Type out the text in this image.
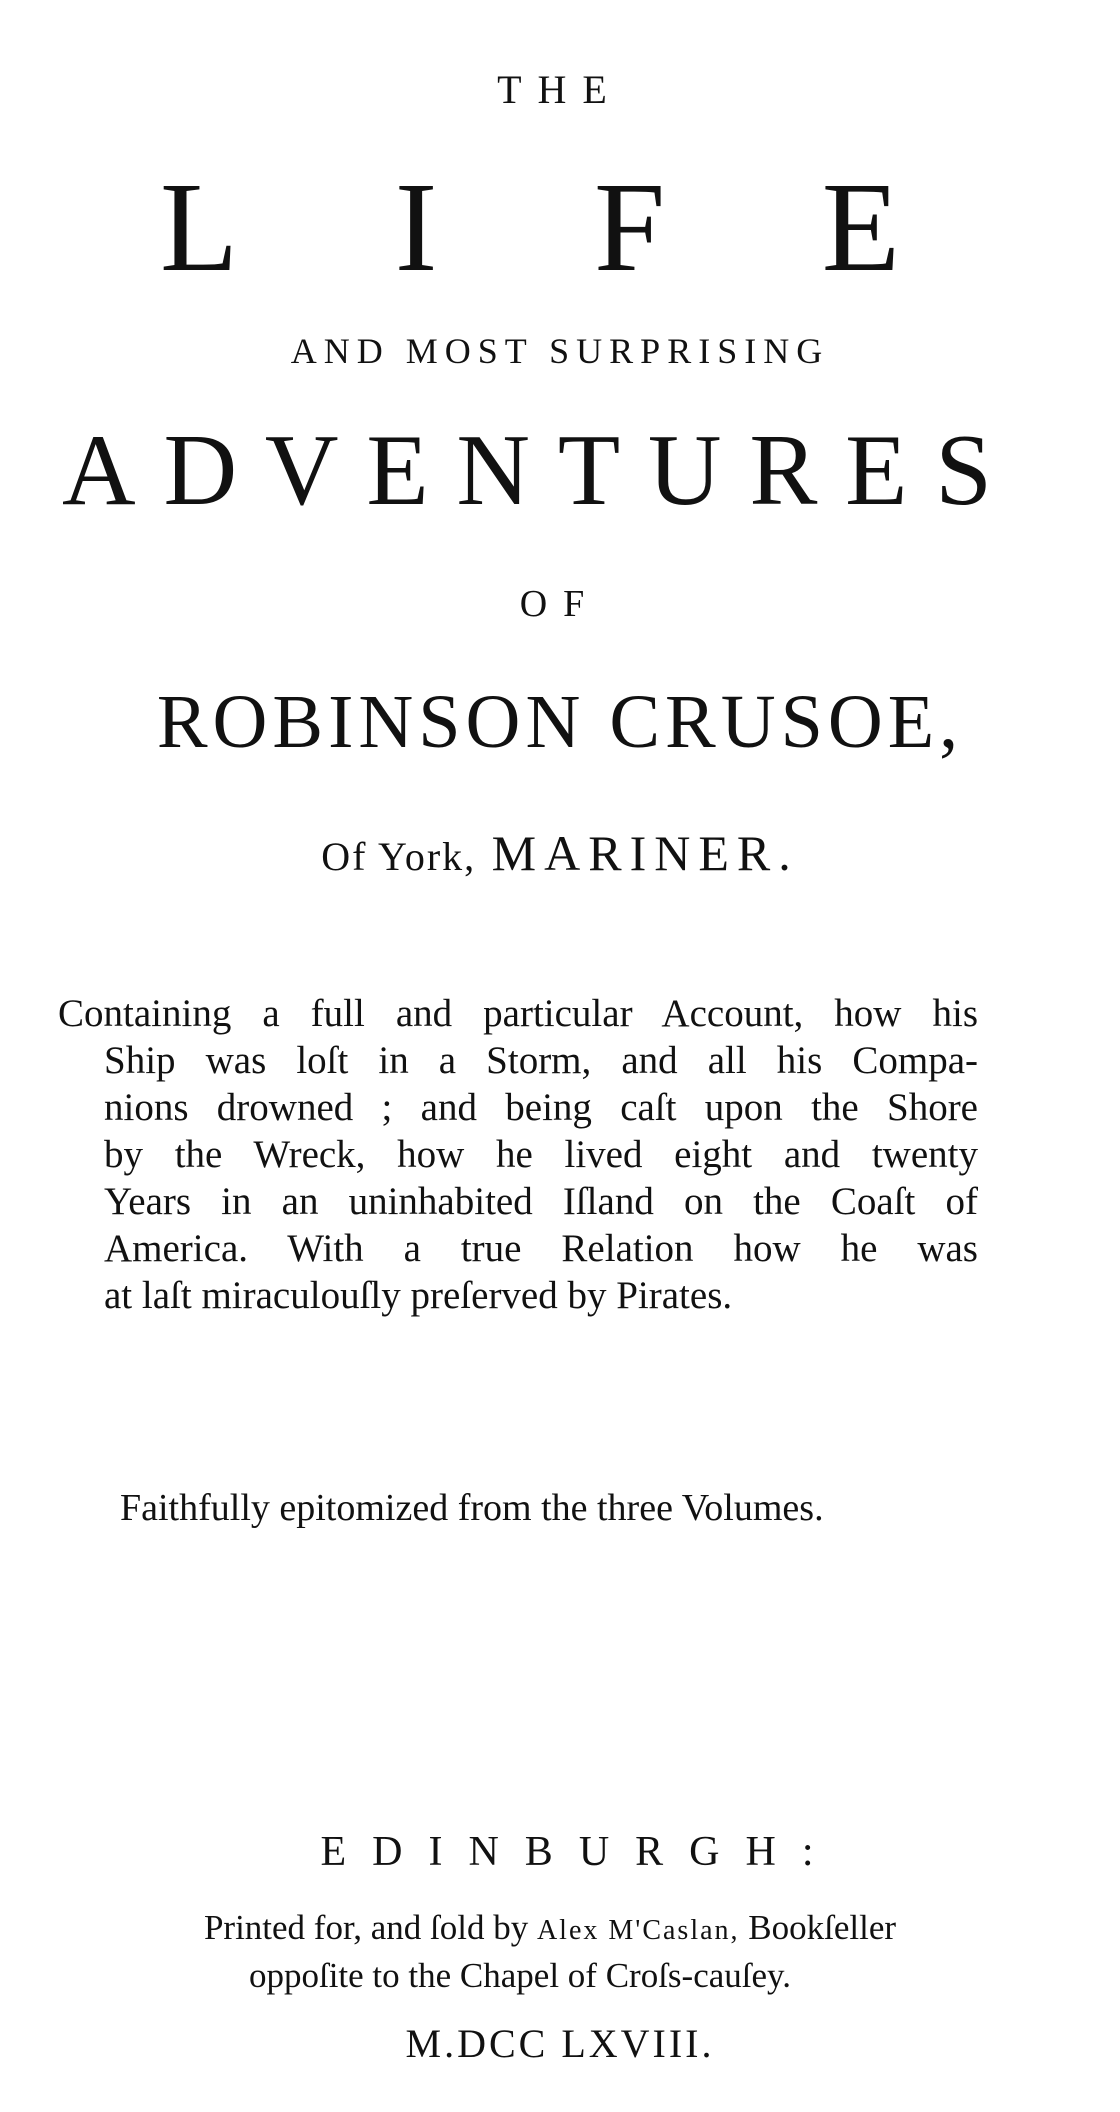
THE
L I F E
AND MOST SURPRISING
A D V E N T U R E S
OF
ROBINSON CRUSOE,
Of York, MARINER.
Containing a full and particular Account, how his
Ship was loſt in a Storm, and all his Compa-
nions drowned ; and being caſt upon the Shore
by the Wreck, how he lived eight and twenty
Years in an uninhabited Iſland on the Coaſt of
America. With a true Relation how he was
at laſt miraculouſly preſerved by Pirates.
Faithfully epitomized from the three Volumes.
EDINBURGH:
Printed for, and ſold by Alex M'Caslan, Bookſeller
oppoſite to the Chapel of Croſs-cauſey.
M.DCC LXVIII.
